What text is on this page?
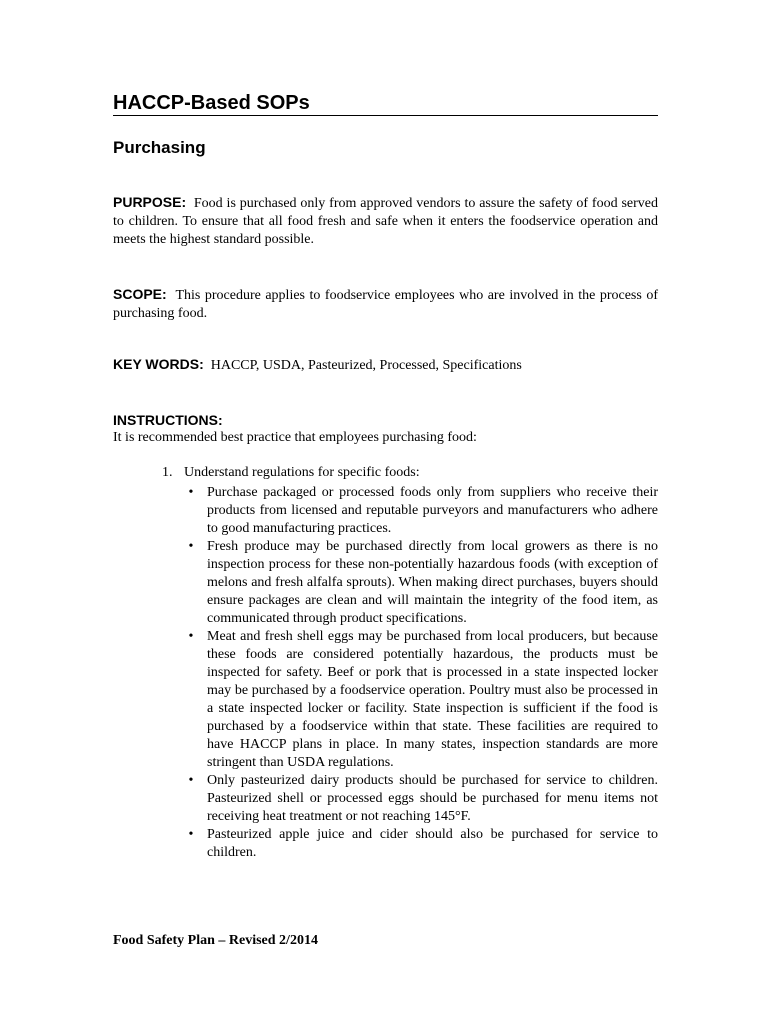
HACCP-Based SOPs
Purchasing
PURPOSE: Food is purchased only from approved vendors to assure the safety of food served to children. To ensure that all food fresh and safe when it enters the foodservice operation and meets the highest standard possible.
SCOPE: This procedure applies to foodservice employees who are involved in the process of purchasing food.
KEY WORDS: HACCP, USDA, Pasteurized, Processed, Specifications
INSTRUCTIONS:
It is recommended best practice that employees purchasing food:
1. Understand regulations for specific foods:
• Purchase packaged or processed foods only from suppliers who receive their products from licensed and reputable purveyors and manufacturers who adhere to good manufacturing practices.
• Fresh produce may be purchased directly from local growers as there is no inspection process for these non-potentially hazardous foods (with exception of melons and fresh alfalfa sprouts). When making direct purchases, buyers should ensure packages are clean and will maintain the integrity of the food item, as communicated through product specifications.
• Meat and fresh shell eggs may be purchased from local producers, but because these foods are considered potentially hazardous, the products must be inspected for safety. Beef or pork that is processed in a state inspected locker may be purchased by a foodservice operation. Poultry must also be processed in a state inspected locker or facility. State inspection is sufficient if the food is purchased by a foodservice within that state. These facilities are required to have HACCP plans in place. In many states, inspection standards are more stringent than USDA regulations.
• Only pasteurized dairy products should be purchased for service to children. Pasteurized shell or processed eggs should be purchased for menu items not receiving heat treatment or not reaching 145°F.
• Pasteurized apple juice and cider should also be purchased for service to children.
Food Safety Plan – Revised 2/2014
